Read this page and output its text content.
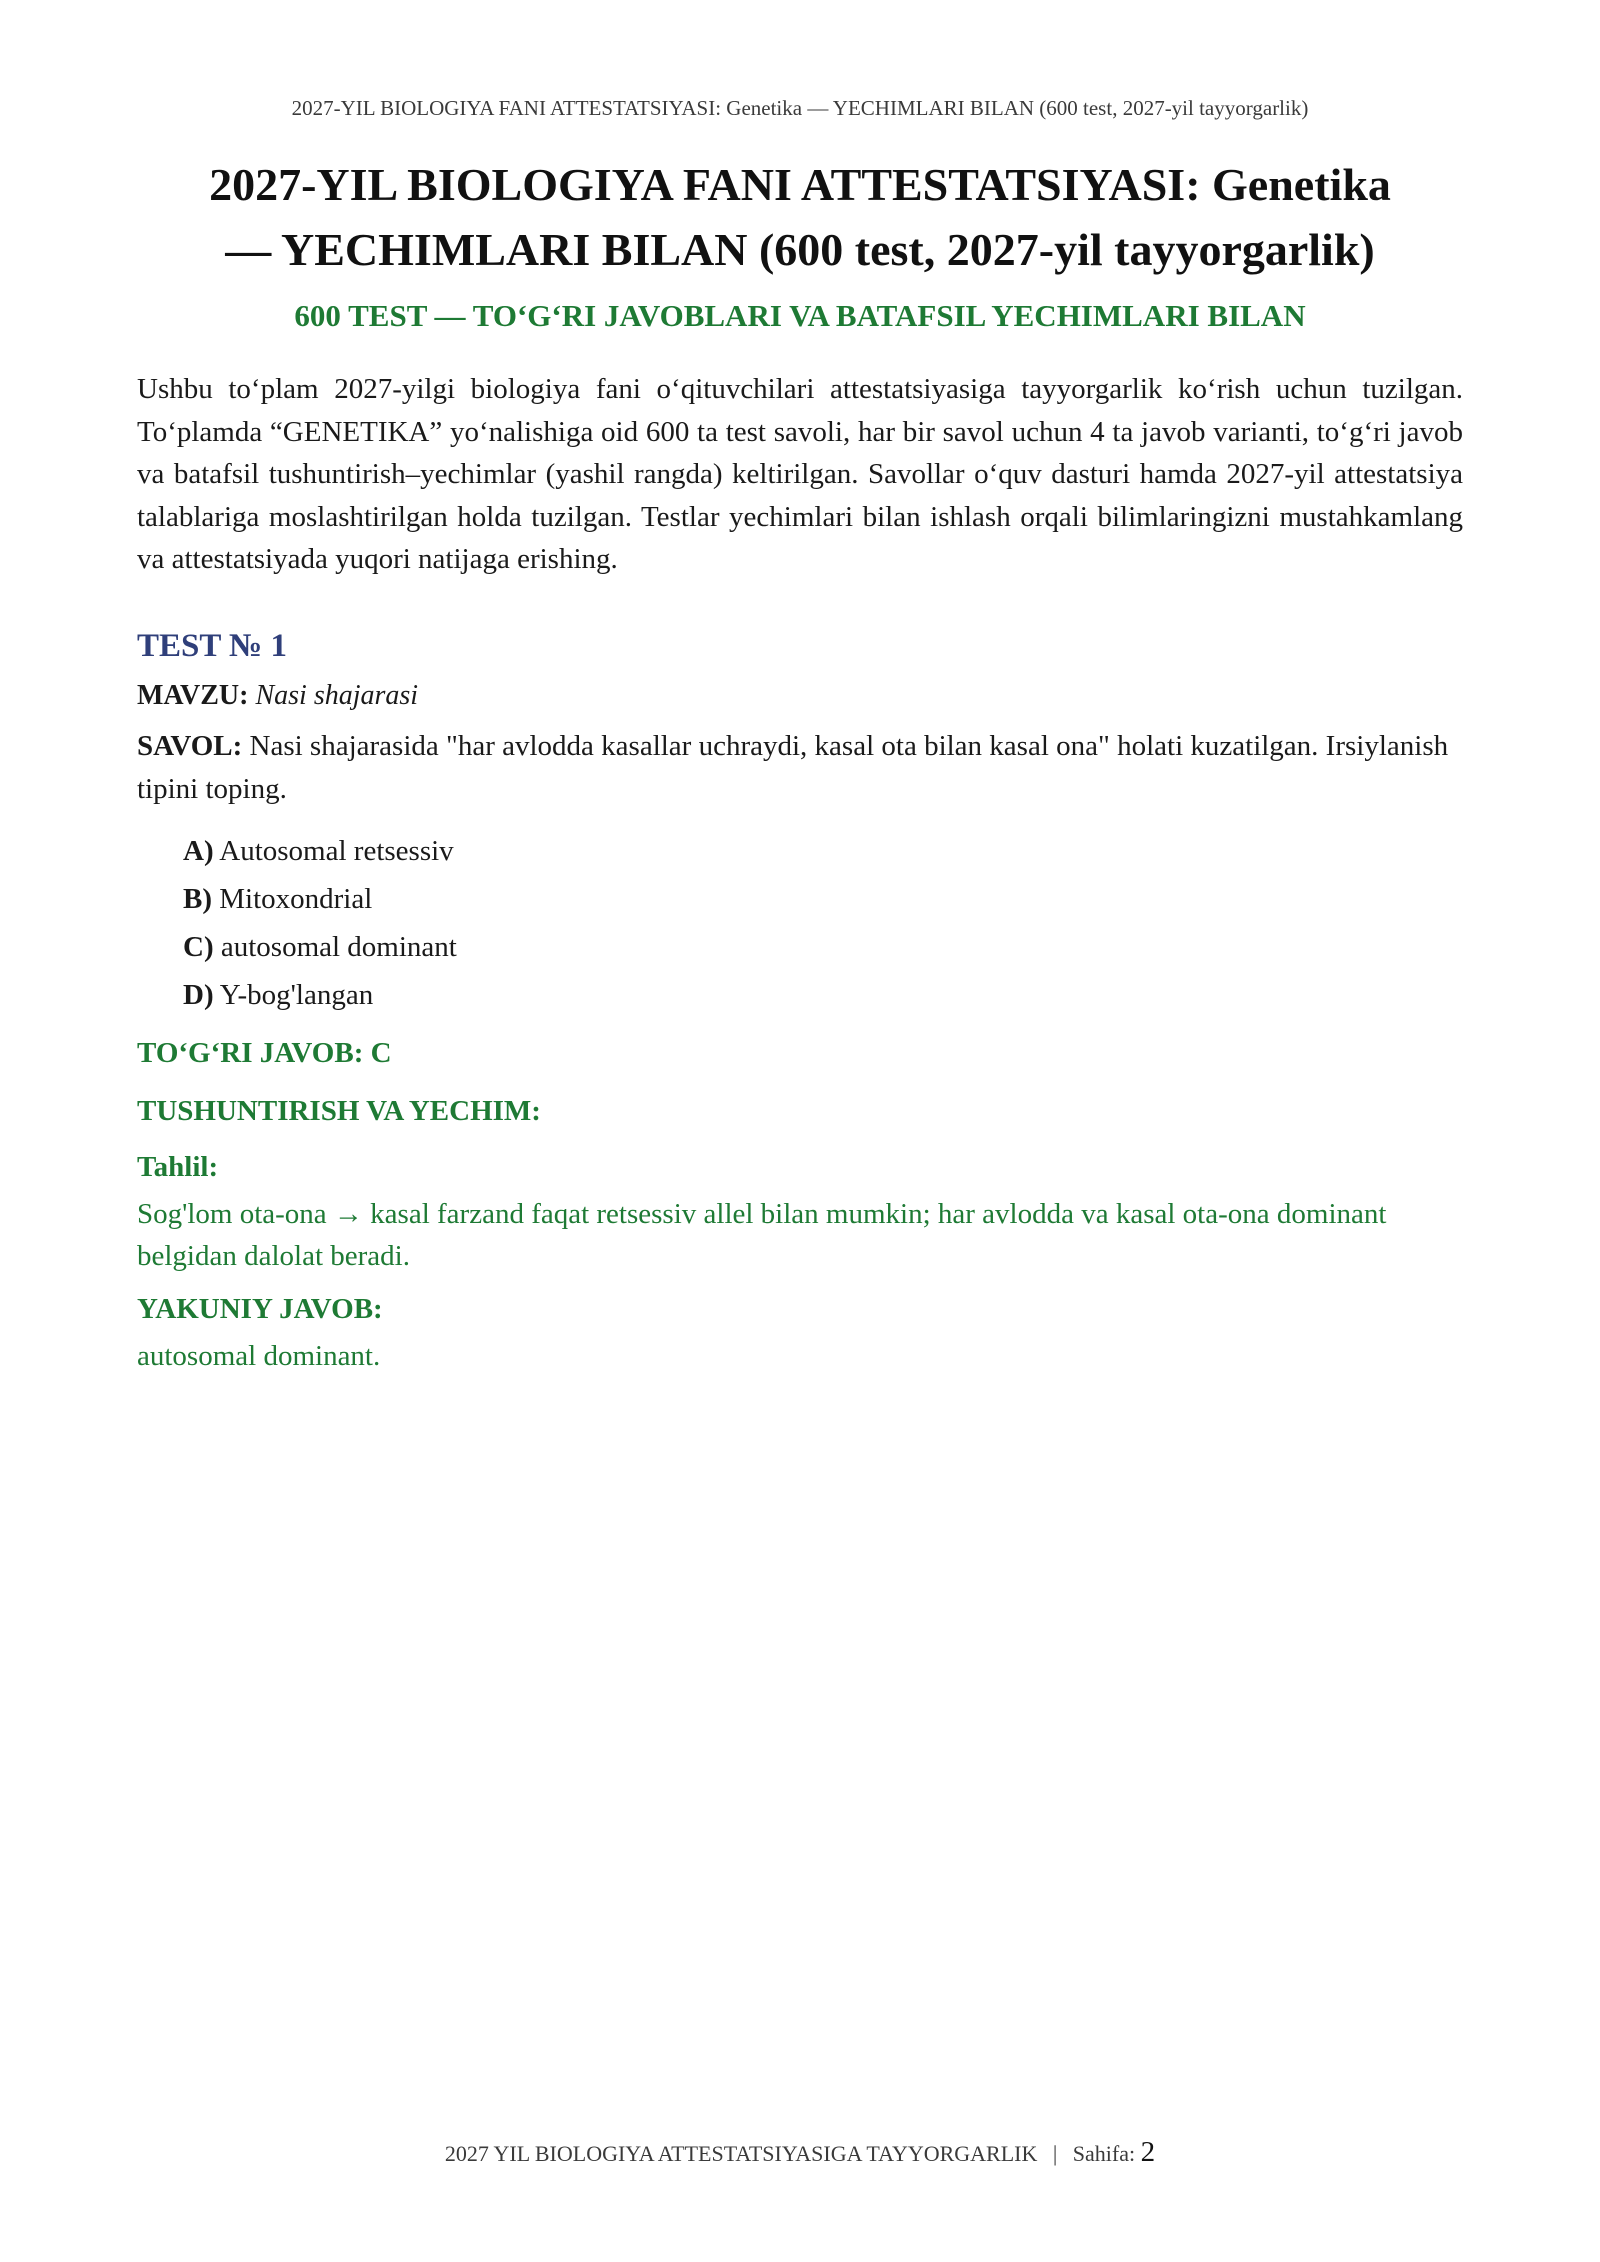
2027-YIL BIOLOGIYA FANI ATTESTATSIYASI: Genetika — YECHIMLARI BILAN (600 test, 2027-yil tayyorgarlik)
2027-YIL BIOLOGIYA FANI ATTESTATSIYASI: Genetika
— YECHIMLARI BILAN (600 test, 2027-yil tayyorgarlik)
600 TEST — TO‘G‘RI JAVOBLARI VA BATAFSIL YECHIMLARI BILAN

Ushbu to‘plam 2027-yilgi biologiya fani o‘qituvchilari attestatsiyasiga tayyorgarlik ko‘rish uchun tuzilgan. To‘plamda “GENETIKA” yo‘nalishiga oid 600 ta test savoli, har bir savol uchun 4 ta javob varianti, to‘g‘ri javob va batafsil tushuntirish–yechimlar (yashil rangda) keltirilgan. Savollar o‘quv dasturi hamda 2027-yil attestatsiya talablariga moslashtirilgan holda tuzilgan. Testlar yechimlari bilan ishlash orqali bilimlaringizni mustahkamlang va attestatsiyada yuqori natijaga erishing.

TEST № 1
MAVZU: Nasi shajarasi
SAVOL: Nasi shajarasida "har avlodda kasallar uchraydi, kasal ota bilan kasal ona" holati kuzatilgan. Irsiylanish tipini toping.
A) Autosomal retsessiv
B) Mitoxondrial
C) autosomal dominant
D) Y-bog'langan
TO‘G‘RI JAVOB: C
TUSHUNTIRISH VA YECHIM:
Tahlil:
Sog'lom ota-ona → kasal farzand faqat retsessiv allel bilan mumkin; har avlodda va kasal ota-ona dominant belgidan dalolat beradi.
YAKUNIY JAVOB:
autosomal dominant.
2027 YIL BIOLOGIYA ATTESTATSIYASIGA TAYYORGARLIK | Sahifa: 2
